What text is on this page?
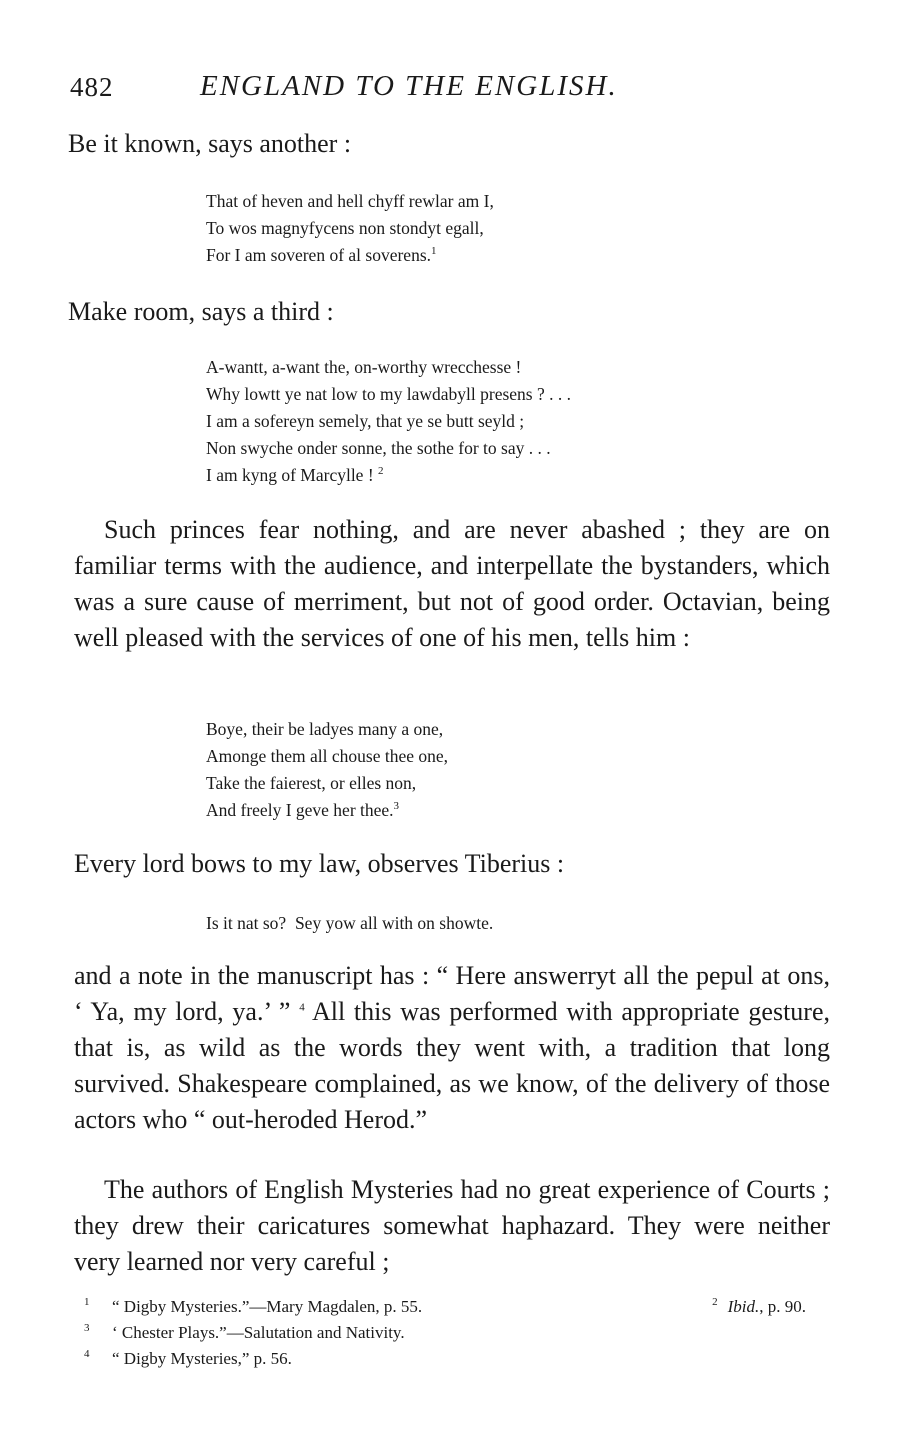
482	ENGLAND TO THE ENGLISH.

Be it known, says another :

That of heven and hell chyff rewlar am I,
To wos magnyfycens non stondyt egall,
For I am soveren of al soverens.$^1$

Make room, says a third :

A-wantt, a-want the, on-worthy wrecchesse !
Why lowtt ye nat low to my lawdabyll presens ? . . .
I am a sofereyn semely, that ye se butt seyld ;
Non swyche onder sonne, the sothe for to say . . .
I am kyng of Marcylle ! $^2$

Such princes fear nothing, and are never abashed ; they are on familiar terms with the audience, and interpellate the bystanders, which was a sure cause of merriment, but not of good order. Octavian, being well pleased with the services of one of his men, tells him :

Boye, their be ladyes many a one,
Amonge them all chouse thee one,
Take the faierest, or elles non,
And freely I geve her thee.$^3$

Every lord bows to my law, observes Tiberius :

Is it nat so?  Sey yow all with on showte.

and a note in the manuscript has : “ Here answerryt all the pepul at ons, ‘ Ya, my lord, ya.’ ” $^4$ All this was performed with appropriate gesture, that is, as wild as the words they went with, a tradition that long survived. Shakespeare complained, as we know, of the delivery of those actors who “ out-heroded Herod.”

The authors of English Mysteries had no great experience of Courts ; they drew their caricatures somewhat haphazard. They were neither very learned nor very careful ;

1 “ Digby Mysteries.”—Mary Magdalen, p. 55.	2 Ibid., p. 90.
3 ‘ Chester Plays.”—Salutation and Nativity.
4 “ Digby Mysteries,” p. 56.
